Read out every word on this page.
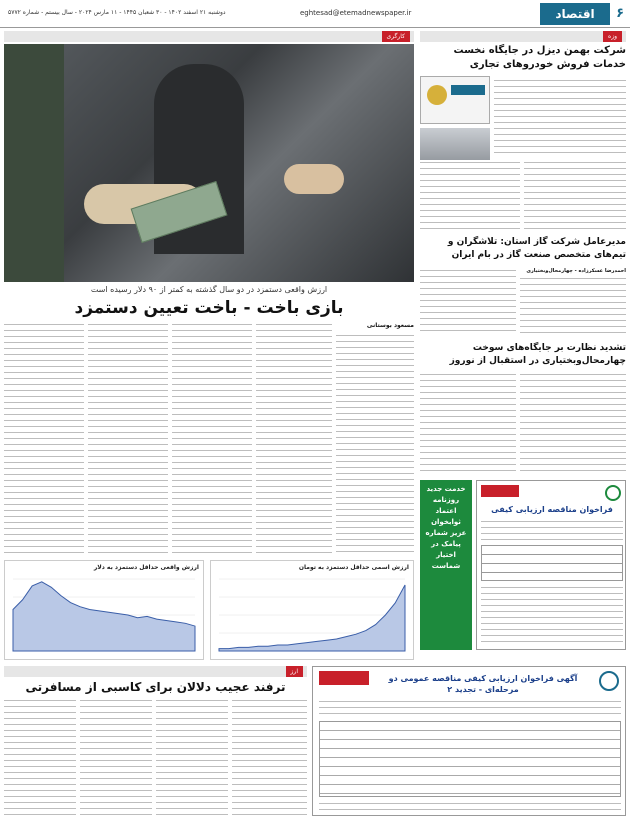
۶
اقتصاد
eghtesad@etemadnewspaper.ir
دوشنبه ۲۱ اسفند ۱۴۰۲ - ۳۰ شعبان ۱۴۴۵ - ۱۱ مارس ۲۰۲۴ - سال بیستم - شماره ۵۷۷۲
کارگری
ارزش واقعی دستمزد در دو سال گذشته به کمتر از ۹۰ دلار رسیده است
بازی باخت - باخت تعیین دستمزد
مسعود بوستانی
ارزش واقعی حداقل دستمزد به دلار	ارزش اسمی حداقل دستمزد به تومان
ارز
ترفند عجیب دلالان برای کاسبی از مسافرتی
وزه
شرکت بهمن دیزل در جایگاه نخست خدمات فروش خودروهای تجاری
مدیرعامل شرکت گاز استان: تلاشگران و تیم‌های متخصص صنعت گاز در بام ایران
احمدرضا عسکرزاده - چهارمحال‌وبختیاری
تشدید نظارت بر جایگاه‌های سوخت چهارمحال‌وبختیاری در استقبال از نوروز
خدمت جدید روزنامه اعتماد ثوابخوان عزیز شماره پیامک در اختیار شماست
فراخوان مناقصه ارزیابی کیفی
آگهی فراخوان ارزیابی کیفی مناقصه عمومی دو مرحله‌ای - تجدید ۲
